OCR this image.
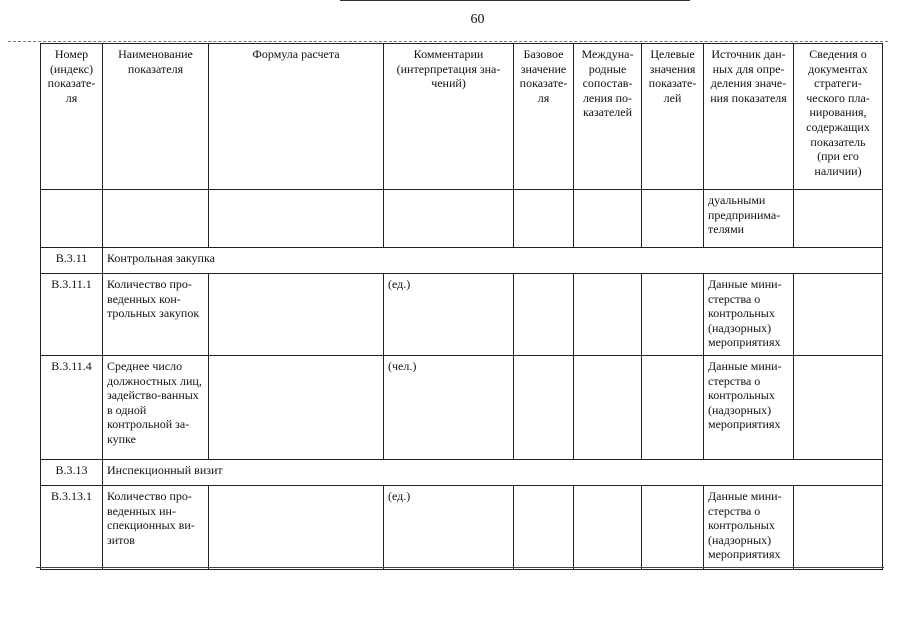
60
Номер (индекс) показате-ля	Наименование показателя	Формула расчета	Комментарии (интерпретация зна-чений)	Базовое значение показате-ля	Междуна-родные сопостав-ления по-казателей	Целевые значения показате-лей	Источник дан-ных для опре-деления значе-ния показателя	Сведения о документах стратеги-ческого пла-нирования, содержащих показатель (при его наличии)
							дуальными предпринима-телями	
В.3.11	Контрольная закупка							
В.3.11.1	Количество про-веденных кон-трольных закупок		(ед.)				Данные мини-стерства о контрольных (надзорных) мероприятиях	
В.3.11.4	Среднее число должностных лиц, задейство-ванных в одной контрольной за-купке		(чел.)				Данные мини-стерства о контрольных (надзорных) мероприятиях	
В.3.13	Инспекционный визит							
В.3.13.1	Количество про-веденных ин-спекционных ви-зитов		(ед.)				Данные мини-стерства о контрольных (надзорных) мероприятиях	
